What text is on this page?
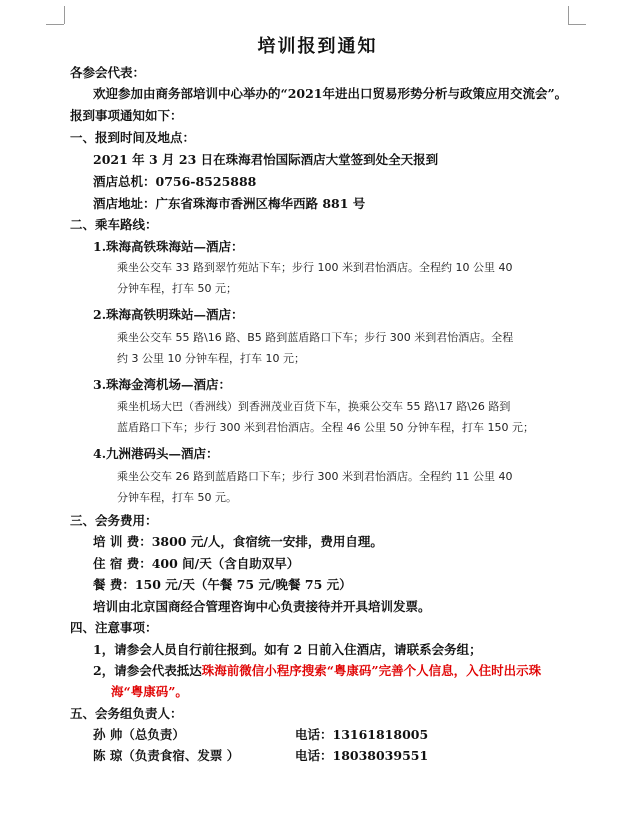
培训报到通知
各参会代表：
欢迎参加由商务部培训中心举办的“2021年进出口贸易形势分析与政策应用交流会”。
报到事项通知如下：
一、报到时间及地点：
2021 年 3 月 23 日在珠海君怡国际酒店大堂签到处全天报到
酒店总机：0756-8525888
酒店地址：广东省珠海市香洲区梅华西路 881 号
二、乘车路线：
1.珠海高铁珠海站—酒店：
乘坐公交车 33 路到翠竹苑站下车；步行 100 米到君怡酒店。全程约 10 公里 40
分钟车程，打车 50 元；
2.珠海高铁明珠站—酒店：
乘坐公交车 55 路\16 路、B5 路到蓝盾路口下车；步行 300 米到君怡酒店。全程
约 3 公里 10 分钟车程，打车 10 元；
3.珠海金湾机场—酒店：
乘坐机场大巴（香洲线）到香洲茂业百货下车，换乘公交车 55 路\17 路\26 路到
蓝盾路口下车；步行 300 米到君怡酒店。全程 46 公里 50 分钟车程，打车 150 元；
4.九洲港码头—酒店：
乘坐公交车 26 路到蓝盾路口下车；步行 300 米到君怡酒店。全程约 11 公里 40
分钟车程，打车 50 元。
三、会务费用：
培 训 费：3800 元/人，食宿统一安排，费用自理。
住 宿 费：400 间/天（含自助双早）
餐 费：150 元/天（午餐 75 元/晚餐 75 元）
培训由北京国商经合管理咨询中心负责接待并开具培训发票。
四、注意事项：
1，请参会人员自行前往报到。如有 2 日前入住酒店，请联系会务组；
2，请参会代表抵达珠海前微信小程序搜索“粤康码”完善个人信息，入住时出示珠
海“粤康码”。
五、会务组负责人：
孙 帅（总负责）	电话：13161818005
陈 琼（负责食宿、发票 ）	电话：18038039551
